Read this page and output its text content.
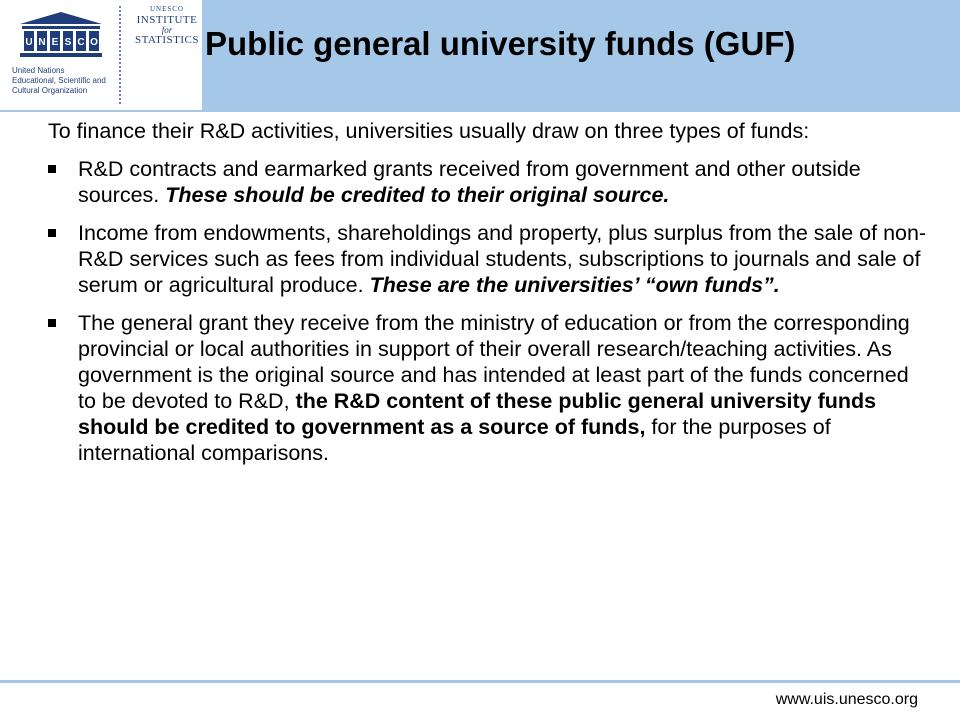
U N E S C O
United Nations
Educational, Scientific and
Cultural Organization
UNESCO
INSTITUTE
for
STATISTICS Public general university funds (GUF)

To finance their R&D activities, universities usually draw on three types of funds:

R&D contracts and earmarked grants received from government and other outside sources. These should be credited to their original source.

Income from endowments, shareholdings and property, plus surplus from the sale of non-R&D services such as fees from individual students, subscriptions to journals and sale of serum or agricultural produce. These are the universities’ “own funds”.

The general grant they receive from the ministry of education or from the corresponding provincial or local authorities in support of their overall research/teaching activities. As government is the original source and has intended at least part of the funds concerned to be devoted to R&D, the R&D content of these public general university funds should be credited to government as a source of funds, for the purposes of international comparisons.

www.uis.unesco.org
